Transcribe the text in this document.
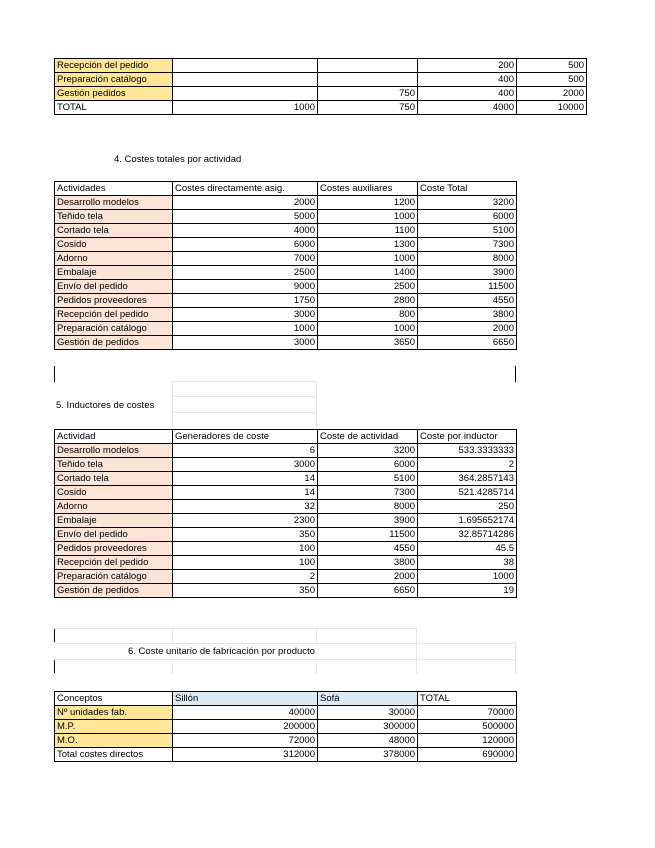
Recepción del pedido			200	500
Preparación catálogo			400	500
Gestión pedidos		750	400	2000
TOTAL	1000	750	4000	10000
4. Costes totales por actividad
Actividades	Costes directamente asig.	Costes auxiliares	Coste Total
Desarrollo modelos	2000	1200	3200
Teñido tela	5000	1000	6000
Cortado tela	4000	1100	5100
Cosido	6000	1300	7300
Adorno	7000	1000	8000
Embalaje	2500	1400	3900
Envío del pedido	9000	2500	11500
Pedidos proveedores	1750	2800	4550
Recepción del pedido	3000	800	3800
Preparación catálogo	1000	1000	2000
Gestión de pedidos	3000	3650	6650
5. Inductores de costes
Actividad	Generadores de coste	Coste de actividad	Coste por inductor
Desarrollo modelos	6	3200	533.3333333
Teñido tela	3000	6000	2
Cortado tela	14	5100	364.2857143
Cosido	14	7300	521.4285714
Adorno	32	8000	250
Embalaje	2300	3900	1.695652174
Envío del pedido	350	11500	32.85714286
Pedidos proveedores	100	4550	45.5
Recepción del pedido	100	3800	38
Preparación catálogo	2	2000	1000
Gestión de pedidos	350	6650	19
6. Coste unitario de fabricación por producto
Conceptos	Sillón	Sofá	TOTAL
Nº unidades fab.	40000	30000	70000
M.P.	200000	300000	500000
M.O.	72000	48000	120000
Total costes directos	312000	378000	690000
